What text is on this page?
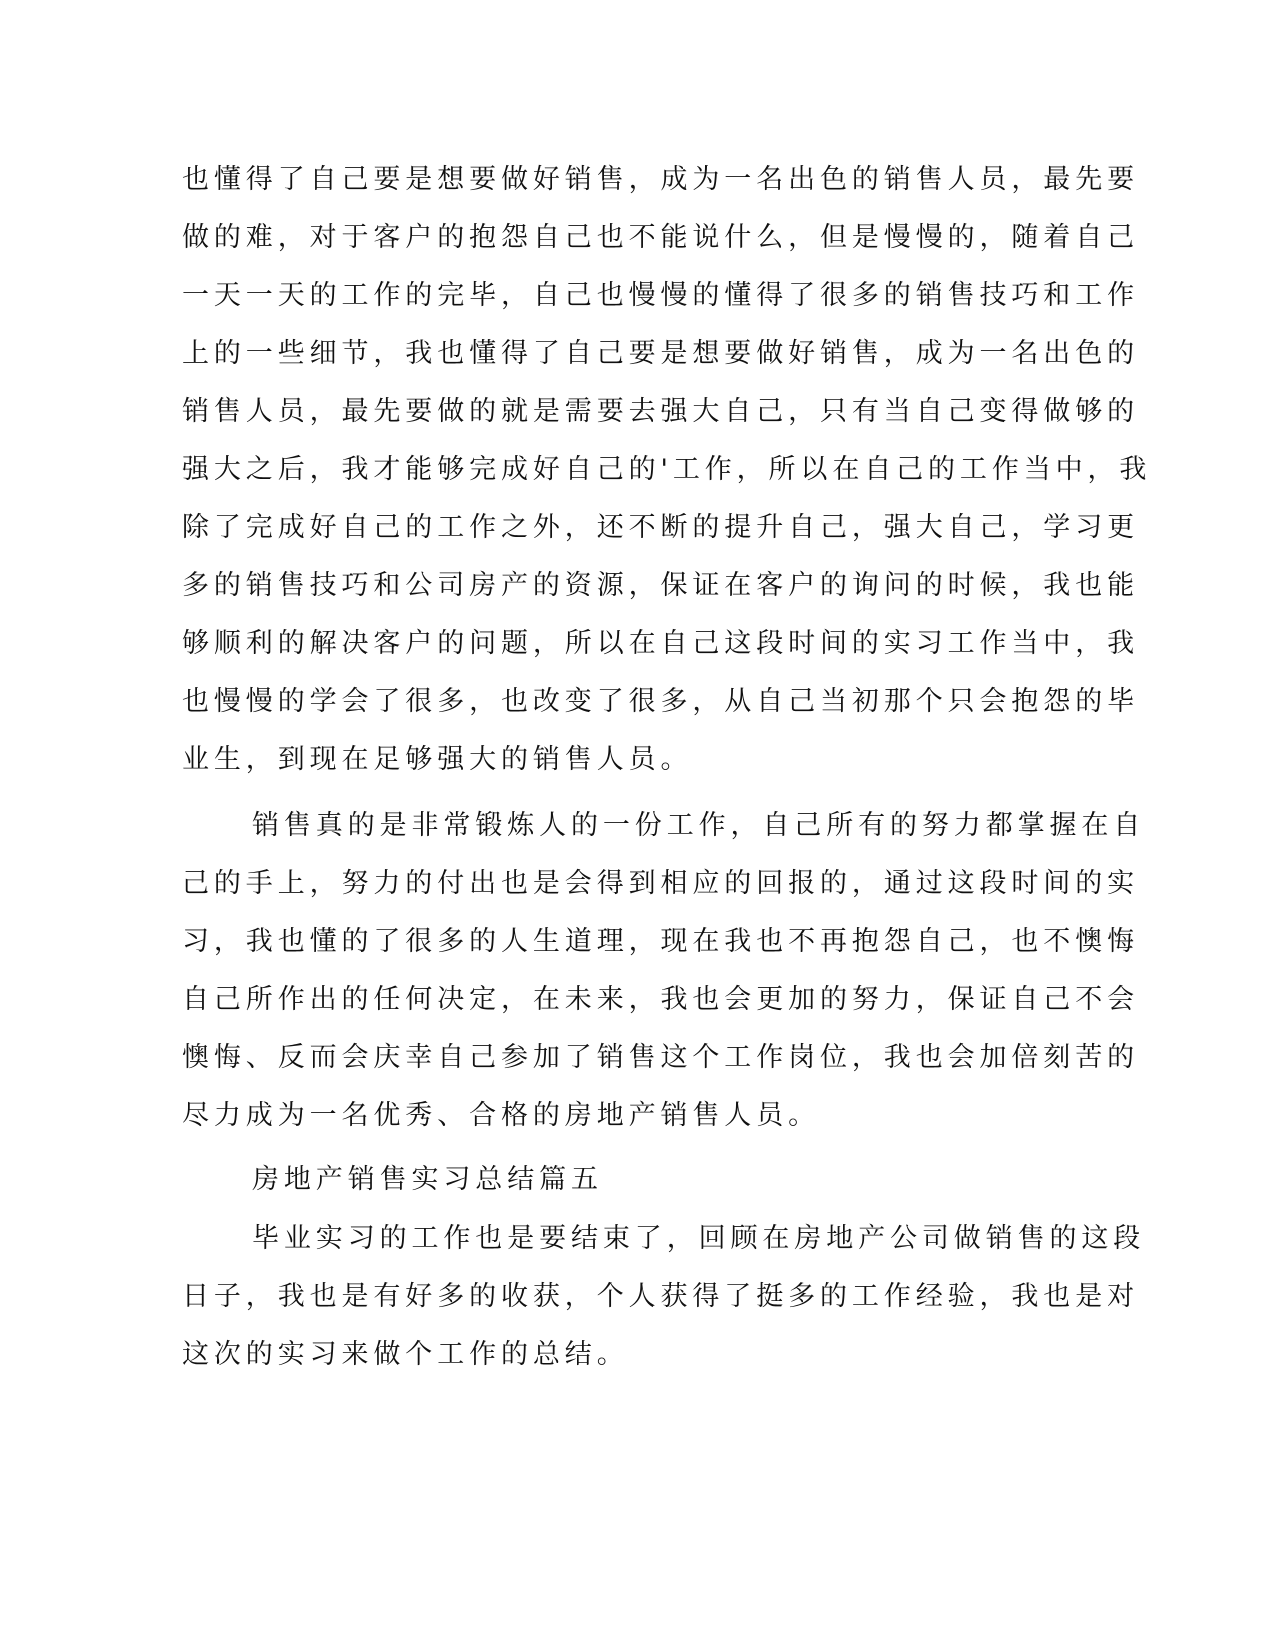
也懂得了自己要是想要做好销售，成为一名出色的销售人员，最先要
做的难，对于客户的抱怨自己也不能说什么，但是慢慢的，随着自己
一天一天的工作的完毕，自己也慢慢的懂得了很多的销售技巧和工作
上的一些细节，我也懂得了自己要是想要做好销售，成为一名出色的
销售人员，最先要做的就是需要去强大自己，只有当自己变得做够的
强大之后，我才能够完成好自己的'工作，所以在自己的工作当中，我
除了完成好自己的工作之外，还不断的提升自己，强大自己，学习更
多的销售技巧和公司房产的资源，保证在客户的询问的时候，我也能
够顺利的解决客户的问题，所以在自己这段时间的实习工作当中，我
也慢慢的学会了很多，也改变了很多，从自己当初那个只会抱怨的毕
业生，到现在足够强大的销售人员。
销售真的是非常锻炼人的一份工作，自己所有的努力都掌握在自
己的手上，努力的付出也是会得到相应的回报的，通过这段时间的实
习，我也懂的了很多的人生道理，现在我也不再抱怨自己，也不懊悔
自己所作出的任何决定，在未来，我也会更加的努力，保证自己不会
懊悔、反而会庆幸自己参加了销售这个工作岗位，我也会加倍刻苦的
尽力成为一名优秀、合格的房地产销售人员。
房地产销售实习总结篇五
毕业实习的工作也是要结束了，回顾在房地产公司做销售的这段
日子，我也是有好多的收获，个人获得了挺多的工作经验，我也是对
这次的实习来做个工作的总结。
